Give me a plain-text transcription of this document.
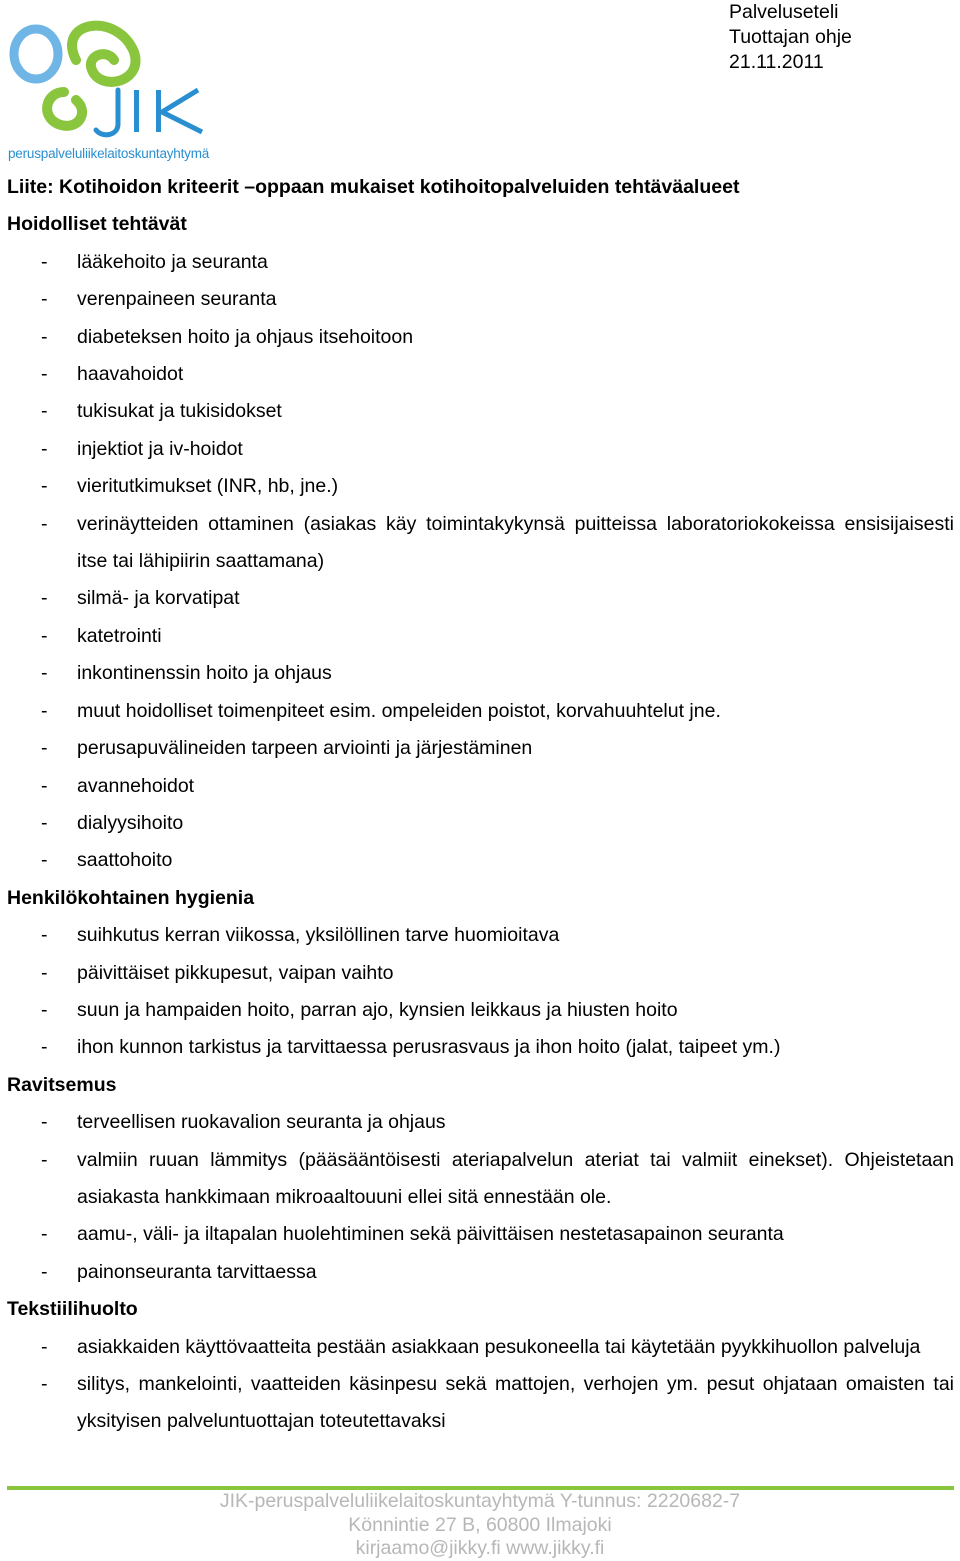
peruspalveluliikelaitoskuntayhtymä
Palveluseteli
Tuottajan ohje
21.11.2011
Liite: Kotihoidon kriteerit –oppaan mukaiset kotihoitopalveluiden tehtäväalueet
Hoidolliset tehtävät
- lääkehoito ja seuranta
- verenpaineen seuranta
- diabeteksen hoito ja ohjaus itsehoitoon
- haavahoidot
- tukisukat ja tukisidokset
- injektiot ja iv-hoidot
- vieritutkimukset (INR, hb, jne.)
- verinäytteiden ottaminen (asiakas käy toimintakykynsä puitteissa laboratoriokokeissa ensisijaisesti itse tai lähipiirin saattamana)
- silmä- ja korvatipat
- katetrointi
- inkontinenssin hoito ja ohjaus
- muut hoidolliset toimenpiteet esim. ompeleiden poistot, korvahuuhtelut jne.
- perusapuvälineiden tarpeen arviointi ja järjestäminen
- avannehoidot
- dialyysihoito
- saattohoito
Henkilökohtainen hygienia
- suihkutus kerran viikossa, yksilöllinen tarve huomioitava
- päivittäiset pikkupesut, vaipan vaihto
- suun ja hampaiden hoito, parran ajo, kynsien leikkaus ja hiusten hoito
- ihon kunnon tarkistus ja tarvittaessa perusrasvaus ja ihon hoito (jalat, taipeet ym.)
Ravitsemus
- terveellisen ruokavalion seuranta ja ohjaus
- valmiin ruuan lämmitys (pääsääntöisesti ateriapalvelun ateriat tai valmiit einekset). Ohjeistetaan asiakasta hankkimaan mikroaaltouuni ellei sitä ennestään ole.
- aamu-, väli- ja iltapalan huolehtiminen sekä päivittäisen nestetasapainon seuranta
- painonseuranta tarvittaessa
Tekstiilihuolto
- asiakkaiden käyttövaatteita pestään asiakkaan pesukoneella tai käytetään pyykkihuollon palveluja
- silitys, mankelointi, vaatteiden käsinpesu sekä mattojen, verhojen ym. pesut ohjataan omaisten tai yksityisen palveluntuottajan toteutettavaksi
JIK-peruspalveluliikelaitoskuntayhtymä Y-tunnus: 2220682-7
Könnintie 27 B, 60800 Ilmajoki
kirjaamo@jikky.fi www.jikky.fi
